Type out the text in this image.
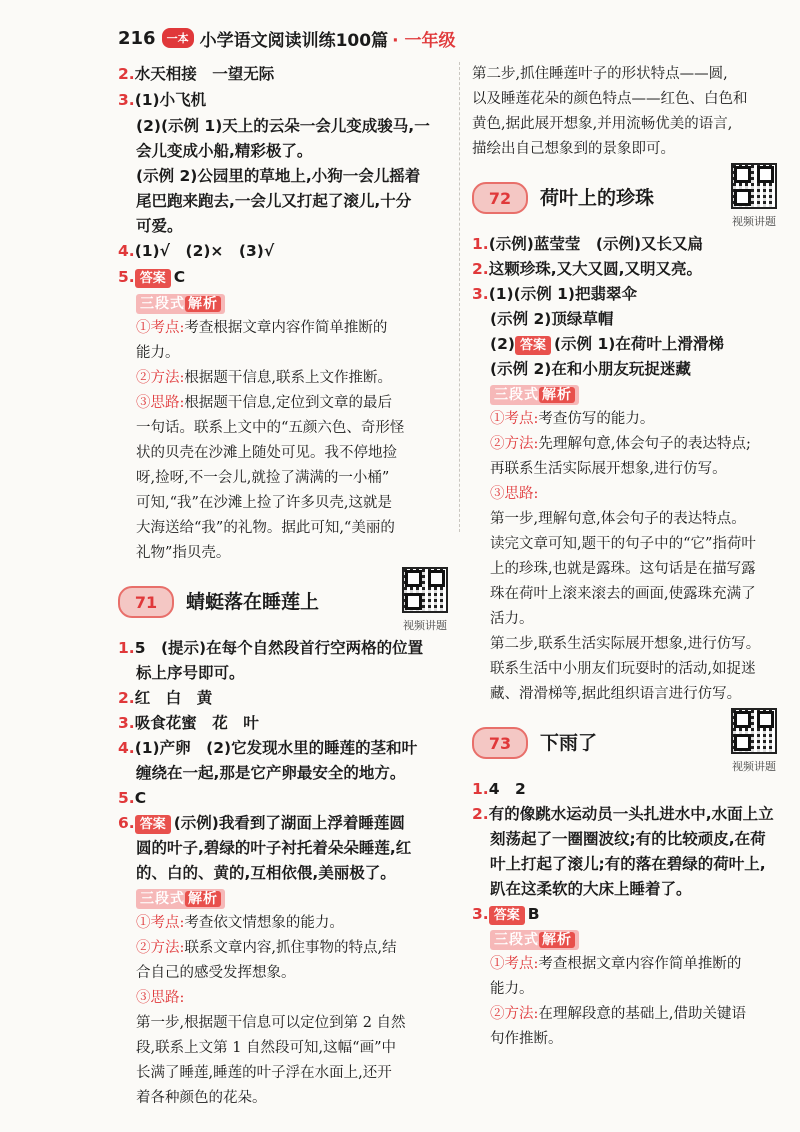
216	一本 小学语文阅读训练100篇 · 一年级
2.水天相接　一望无际
3.(1)小飞机
(2)(示例 1)天上的云朵一会儿变成骏马,一
会儿变成小船,精彩极了。
(示例 2)公园里的草地上,小狗一会儿摇着
尾巴跑来跑去,一会儿又打起了滚儿,十分
可爱。
4.(1)√　(2)×　(3)√
5. 答案 C
三段式 解析
①考点:考查根据文章内容作简单推断的
能力。
②方法:根据题干信息,联系上文作推断。
③思路:根据题干信息,定位到文章的最后
一句话。联系上文中的“五颜六色、奇形怪
状的贝壳在沙滩上随处可见。我不停地捡
呀,捡呀,不一会儿,就捡了满满的一小桶”
可知,“我”在沙滩上捡了许多贝壳,这就是
大海送给“我”的礼物。据此可知,“美丽的
礼物”指贝壳。
71	蜻蜓落在睡莲上
视频讲题
1.5　(提示)在每个自然段首行空两格的位置
标上序号即可。
2.红　白　黄
3.吸食花蜜　花　叶
4.(1)产卵　(2)它发现水里的睡莲的茎和叶
缠绕在一起,那是它产卵最安全的地方。
5.C
6. 答案 (示例)我看到了湖面上浮着睡莲圆
圆的叶子,碧绿的叶子衬托着朵朵睡莲,红
的、白的、黄的,互相依偎,美丽极了。
三段式 解析
①考点:考查依文情想象的能力。
②方法:联系文章内容,抓住事物的特点,结
合自己的感受发挥想象。
③思路:
第一步,根据题干信息可以定位到第 2 自然
段,联系上文第 1 自然段可知,这幅“画”中
长满了睡莲,睡莲的叶子浮在水面上,还开
着各种颜色的花朵。
第二步,抓住睡莲叶子的形状特点——圆,
以及睡莲花朵的颜色特点——红色、白色和
黄色,据此展开想象,并用流畅优美的语言,
描绘出自己想象到的景象即可。
72	荷叶上的珍珠
视频讲题
1.(示例)蓝莹莹　(示例)又长又扁
2.这颗珍珠,又大又圆,又明又亮。
3.(1)(示例 1)把翡翠伞
(示例 2)顶绿草帽
(2) 答案 (示例 1)在荷叶上滑滑梯
(示例 2)在和小朋友玩捉迷藏
三段式 解析
①考点:考查仿写的能力。
②方法:先理解句意,体会句子的表达特点;
再联系生活实际展开想象,进行仿写。
③思路:
第一步,理解句意,体会句子的表达特点。
读完文章可知,题干的句子中的“它”指荷叶
上的珍珠,也就是露珠。这句话是在描写露
珠在荷叶上滚来滚去的画面,使露珠充满了
活力。
第二步,联系生活实际展开想象,进行仿写。
联系生活中小朋友们玩耍时的活动,如捉迷
藏、滑滑梯等,据此组织语言进行仿写。
73	下雨了
视频讲题
1.4　2
2.有的像跳水运动员一头扎进水中,水面上立
刻荡起了一圈圈波纹;有的比较顽皮,在荷
叶上打起了滚儿;有的落在碧绿的荷叶上,
趴在这柔软的大床上睡着了。
3. 答案 B
三段式 解析
①考点:考查根据文章内容作简单推断的
能力。
②方法:在理解段意的基础上,借助关键语
句作推断。
